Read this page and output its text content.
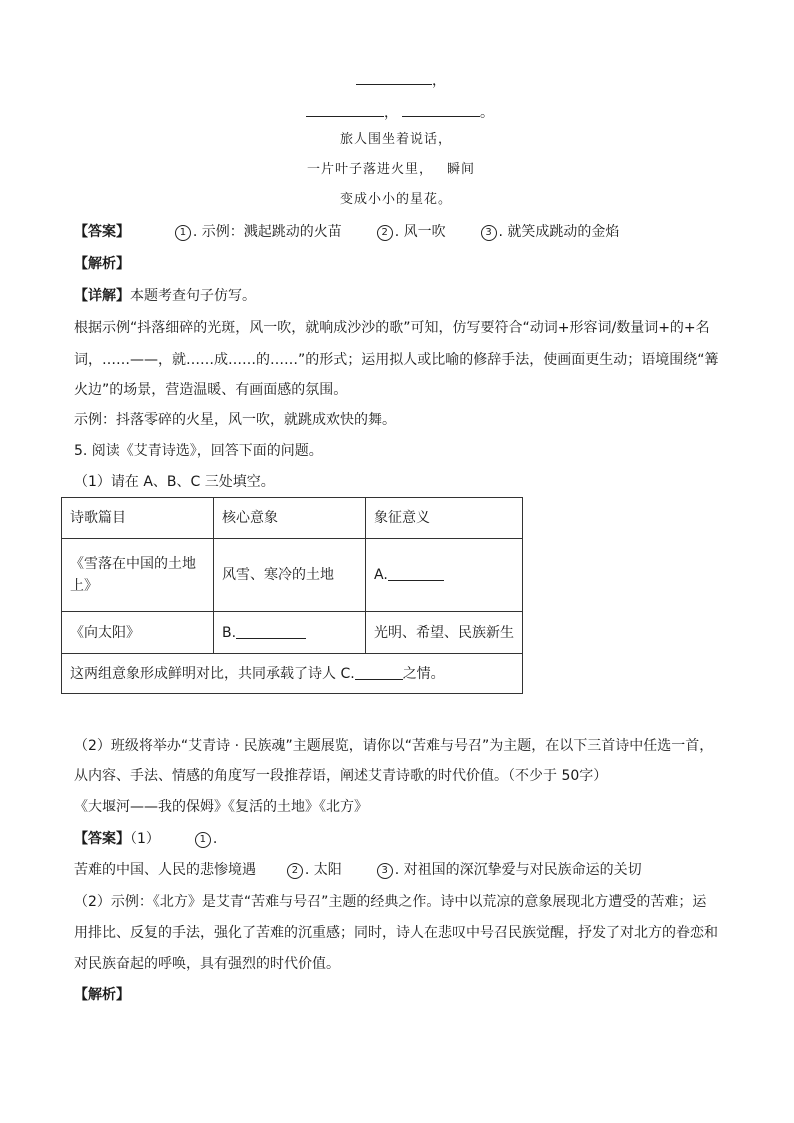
，
，	。
旅人围坐着说话，
一片叶子落进火里， 瞬间
变成小小的星花。
【答案】	1 . 示例：溅起跳动的火苗	2 . 风一吹	3 . 就笑成跳动的金焰
【解析】
【详解】本题考查句子仿写。
根据示例“抖落细碎的光斑，风一吹，就响成沙沙的歌”可知，仿写要符合“动词+形容词/数量词+的+名
词，……——，就……成……的……”的形式；运用拟人或比喻的修辞手法，使画面更生动；语境围绕“篝
火边”的场景，营造温暖、有画面感的氛围。
示例：抖落零碎的火星，风一吹，就跳成欢快的舞。
5. 阅读《艾青诗选》，回答下面的问题。
（1）请在 A、B、C 三处填空。
诗歌篇目	核心意象	象征意义
《雪落在中国的土地
上》	风雪、寒冷的土地	A.
《向太阳》	B.	光明、希望、民族新生
这两组意象形成鲜明对比，共同承载了诗人 C. 之情。		
（2）班级将举办“艾青诗 · 民族魂”主题展览，请你以“苦难与号召”为主题，在以下三首诗中任选一首，
从内容、手法、情感的角度写一段推荐语，阐述艾青诗歌的时代价值。（不少于 50字）
《大堰河——我的保姆》《复活的土地》《北方》
【答案】（1）	1 .
苦难的中国、人民的悲惨境遇	2 . 太阳	3 . 对祖国的深沉挚爱与对民族命运的关切
（2）示例：《北方》是艾青“苦难与号召”主题的经典之作。诗中以荒凉的意象展现北方遭受的苦难；运
用排比、反复的手法，强化了苦难的沉重感；同时，诗人在悲叹中号召民族觉醒，抒发了对北方的眷恋和
对民族奋起的呼唤，具有强烈的时代价值。
【解析】
